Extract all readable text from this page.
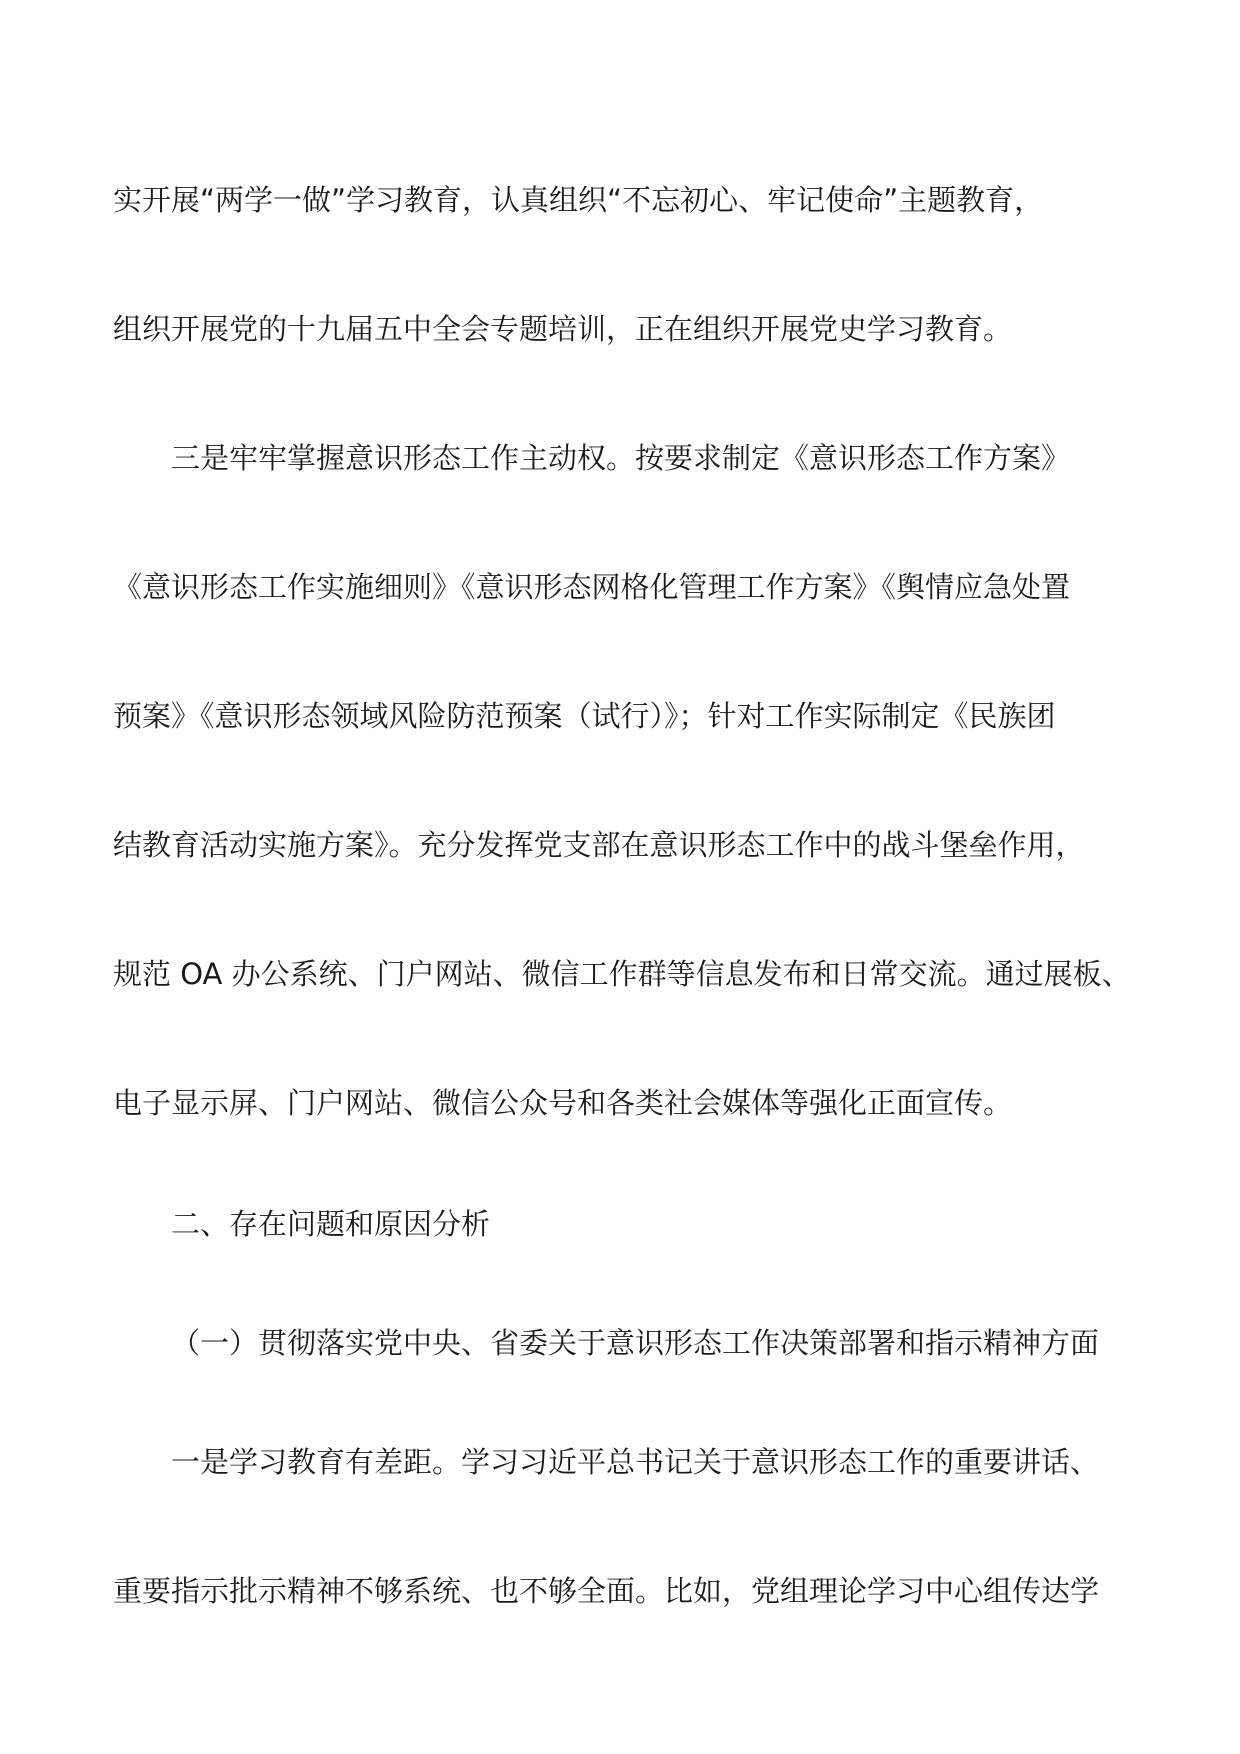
实开展“两学一做”学习教育，认真组织“不忘初心、牢记使命”主题教育，
组织开展党的十九届五中全会专题培训，正在组织开展党史学习教育。
三是牢牢掌握意识形态工作主动权。按要求制定《意识形态工作方案》
《意识形态工作实施细则》《意识形态网格化管理工作方案》《舆情应急处置
预案》《意识形态领域风险防范预案（试行）》；针对工作实际制定《民族团
结教育活动实施方案》。充分发挥党支部在意识形态工作中的战斗堡垒作用，
规范 OA 办公系统、门户网站、微信工作群等信息发布和日常交流。通过展板、
电子显示屏、门户网站、微信公众号和各类社会媒体等强化正面宣传。
二、存在问题和原因分析
（一）贯彻落实党中央、省委关于意识形态工作决策部署和指示精神方面
一是学习教育有差距。学习习近平总书记关于意识形态工作的重要讲话、
重要指示批示精神不够系统、也不够全面。比如，党组理论学习中心组传达学
